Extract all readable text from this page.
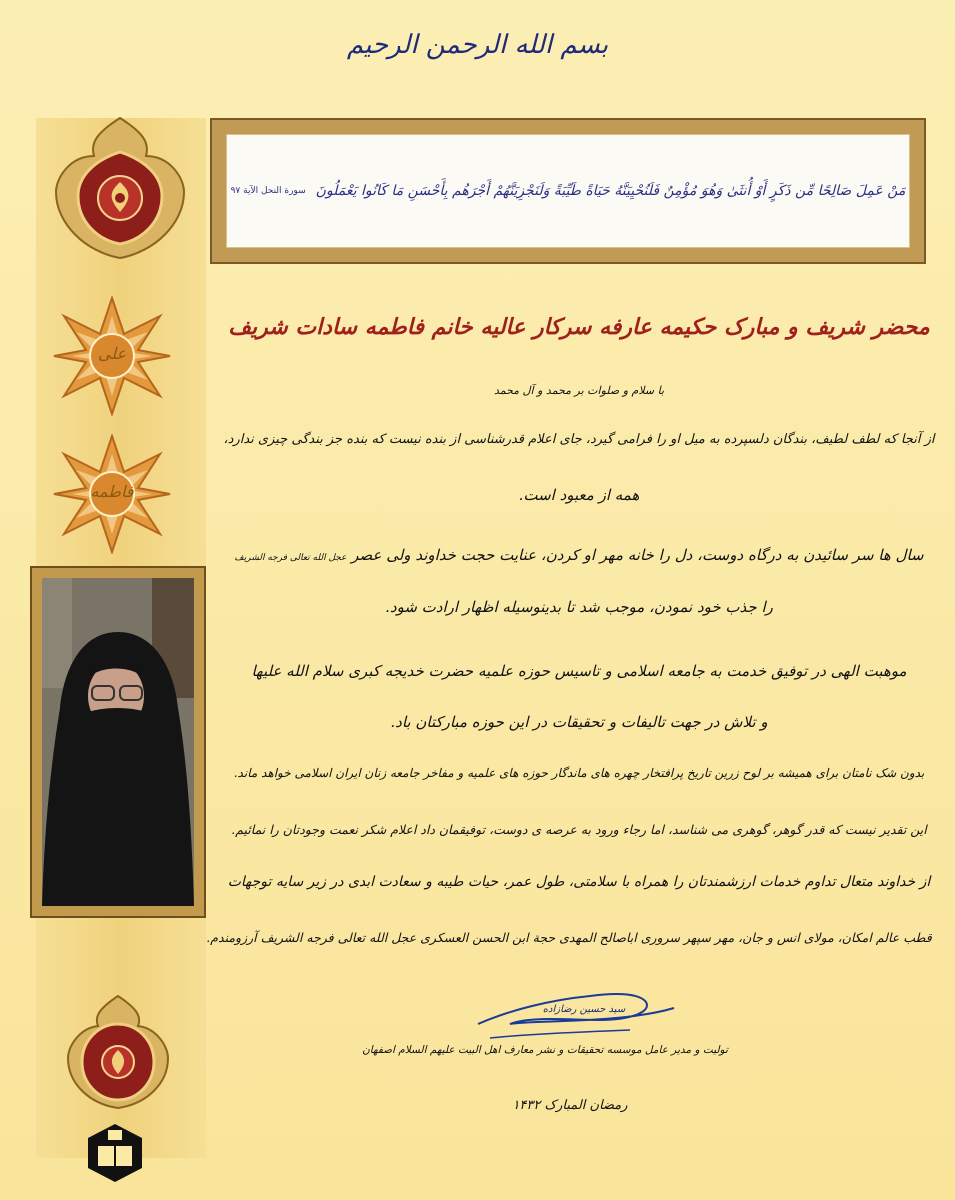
بسم الله الرحمن الرحیم
مَنْ عَمِلَ صَالِحًا مِّن ذَكَرٍ أَوْ أُنثَىٰ وَهُوَ مُؤْمِنٌ فَلَنُحْيِيَنَّهُ حَيَاةً طَيِّبَةً وَلَنَجْزِيَنَّهُمْ أَجْرَهُم بِأَحْسَنِ مَا كَانُوا يَعْمَلُونَ
سورة النحل الآية ۹۷
علی
فاطمه
محضر شریف و مبارک حکیمه عارفه سرکار عالیه خانم فاطمه سادات شریف
با سلام و صلوات بر محمد و آل محمد
از آنجا که لطف لطیف، بندگان دلسپرده به میل او را فرامی گیرد، جای اعلام قدرشناسی از بنده نیست که بنده جز بندگی چیزی ندارد،
همه از معبود است.
سال ها سر سائیدن به درگاه دوست، دل را خانه مهر او کردن، عنایت حجت خداوند ولی عصر عجل الله تعالی فرجه الشریف
را جذب خود نمودن، موجب شد تا بدینوسیله اظهار ارادت شود.
موهبت الهی در توفیق خدمت به جامعه اسلامی و تاسیس حوزه علمیه حضرت خدیجه کبری سلام الله علیها
و تلاش در جهت تالیفات و تحقیقات در این حوزه مبارکتان باد.
بدون شک نامتان برای همیشه بر لوح زرین تاریخ پرافتخار چهره های ماندگار حوزه های علمیه و مفاخر جامعه زنان ایران اسلامی خواهد ماند.
این تقدیر نیست که قدر گوهر، گوهری می شناسد، اما رجاء ورود به عرصه ی دوست، توفیقمان داد اعلام شکر نعمت وجودتان را نمائیم.
از خداوند متعال تداوم خدمات ارزشمندتان را همراه با سلامتی، طول عمر، حیات طیبه و سعادت ابدی در زیر سایه توجهات
قطب عالم امکان، مولای انس و جان، مهر سپهر سروری اباصالح المهدی حجة ابن الحسن العسکری عجل الله تعالی فرجه الشریف آرزومندم.
سید حسین رضازاده
تولیت و مدیر عامل موسسه تحقیقات و نشر معارف اهل البیت علیهم السلام اصفهان
رمضان المبارک ۱۴۳۲
